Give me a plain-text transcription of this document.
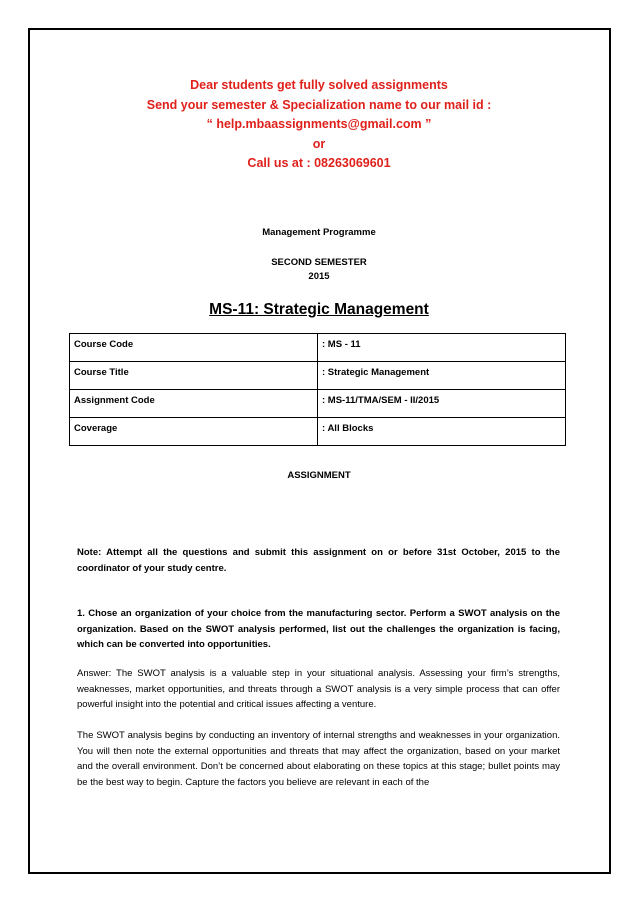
Dear students get fully solved assignments
Send your semester & Specialization name to our mail id :
“ help.mbaassignments@gmail.com ”
or
Call us at : 08263069601
Management Programme
SECOND SEMESTER
2015
MS-11: Strategic Management
Course Code	: MS - 11
Course Title	: Strategic Management
Assignment Code	: MS-11/TMA/SEM - II/2015
Coverage	: All Blocks
ASSIGNMENT
Note: Attempt all the questions and submit this assignment on or before 31st October, 2015 to the coordinator of your study centre.
1. Chose an organization of your choice from the manufacturing sector. Perform a SWOT analysis on the organization. Based on the SWOT analysis performed, list out the challenges the organization is facing, which can be converted into opportunities.
Answer: The SWOT analysis is a valuable step in your situational analysis. Assessing your firm’s strengths, weaknesses, market opportunities, and threats through a SWOT analysis is a very simple process that can offer powerful insight into the potential and critical issues affecting a venture.
The SWOT analysis begins by conducting an inventory of internal strengths and weaknesses in your organization. You will then note the external opportunities and threats that may affect the organization, based on your market and the overall environment. Don’t be concerned about elaborating on these topics at this stage; bullet points may be the best way to begin. Capture the factors you believe are relevant in each of the
